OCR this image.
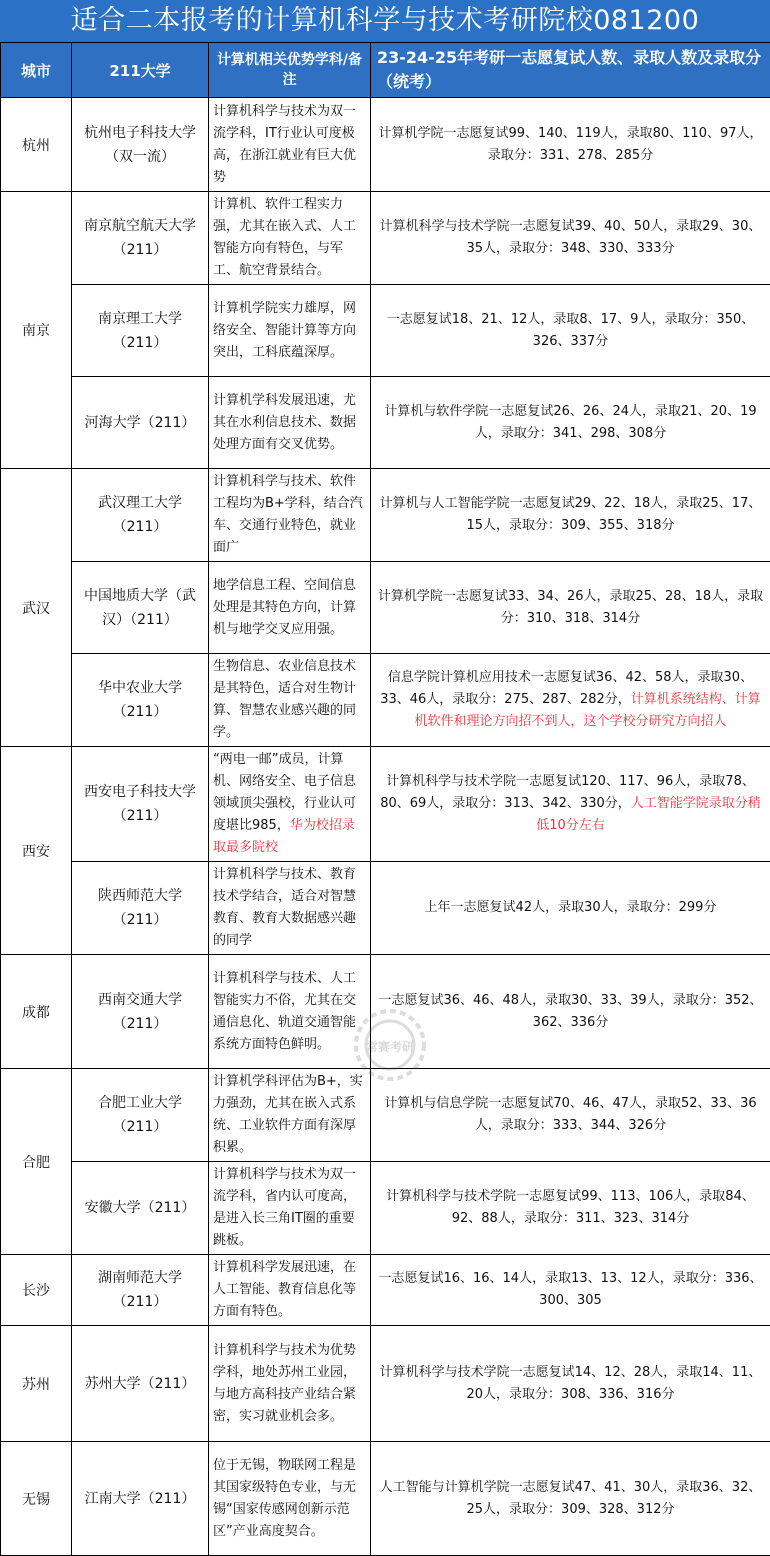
适合二本报考的计算机科学与技术考研院校081200
城市	211大学	计算机相关优势学科/备注	23-24-25年考研一志愿复试人数、录取人数及录取分（统考）
杭州	杭州电子科技大学（双一流）	计算机科学与技术为双一流学科，IT行业认可度极高，在浙江就业有巨大优势	计算机学院一志愿复试99、140、119人，录取80、110、97人，录取分：331、278、285分
南京	南京航空航天大学（211）	计算机、软件工程实力强，尤其在嵌入式、人工智能方向有特色，与军工、航空背景结合。	计算机科学与技术学院一志愿复试39、40、50人，录取29、30、35人，录取分：348、330、333分
	南京理工大学（211）	计算机学院实力雄厚，网络安全、智能计算等方向突出，工科底蕴深厚。	一志愿复试18、21、12人，录取8、17、9人，录取分：350、326、337分
	河海大学（211）	计算机学科发展迅速，尤其在水利信息技术、数据处理方面有交叉优势。	计算机与软件学院一志愿复试26、26、24人，录取21、20、19人，录取分：341、298、308分
武汉	武汉理工大学（211）	计算机科学与技术、软件工程均为B+学科，结合汽车、交通行业特色，就业面广	计算机与人工智能学院一志愿复试29、22、18人，录取25、17、15人，录取分：309、355、318分
	中国地质大学（武汉）（211）	地学信息工程、空间信息处理是其特色方向，计算机与地学交叉应用强。	计算机学院一志愿复试33、34、26人，录取25、28、18人，录取分：310、318、314分
	华中农业大学（211）	生物信息、农业信息技术是其特色，适合对生物计算、智慧农业感兴趣的同学。	信息学院计算机应用技术一志愿复试36、42、58人，录取30、33、46人，录取分：275、287、282分，计算机系统结构、计算机软件和理论方向招不到人，这个学校分研究方向招人
西安	西安电子科技大学（211）	“两电一邮”成员，计算机、网络安全、电子信息领域顶尖强校，行业认可度堪比985，华为校招录取最多院校	计算机科学与技术学院一志愿复试120、117、96人，录取78、80、69人，录取分：313、342、330分，人工智能学院录取分稍低10分左右
	陕西师范大学（211）	计算机科学与技术、教育技术学结合，适合对智慧教育、教育大数据感兴趣的同学	上年一志愿复试42人，录取30人，录取分：299分
成都	西南交通大学（211）	计算机科学与技术、人工智能实力不俗，尤其在交通信息化、轨道交通智能系统方面特色鲜明。	一志愿复试36、46、48人，录取30、33、39人，录取分：352、362、336分
合肥	合肥工业大学（211）	计算机学科评估为B+，实力强劲，尤其在嵌入式系统、工业软件方面有深厚积累。	计算机与信息学院一志愿复试70、46、47人，录取52、33、36人，录取分：333、344、326分
	安徽大学（211）	计算机科学与技术为双一流学科，省内认可度高，是进入长三角IT圈的重要跳板。	计算机科学与技术学院一志愿复试99、113、106人，录取84、92、88人，录取分：311、323、314分
长沙	湖南师范大学（211）	计算机科学发展迅速，在人工智能、教育信息化等方面有特色。	一志愿复试16、16、14人，录取13、13、12人，录取分：336、300、305
苏州	苏州大学（211）	计算机科学与技术为优势学科，地处苏州工业园，与地方高科技产业结合紧密，实习就业机会多。	计算机科学与技术学院一志愿复试14、12、28人，录取14、11、20人，录取分：308、336、316分
无锡	江南大学（211）	位于无锡，物联网工程是其国家级特色专业，与无锡“国家传感网创新示范区”产业高度契合。	人工智能与计算机学院一志愿复试47、41、30人，录取36、32、25人，录取分：309、328、312分
常赛考研
